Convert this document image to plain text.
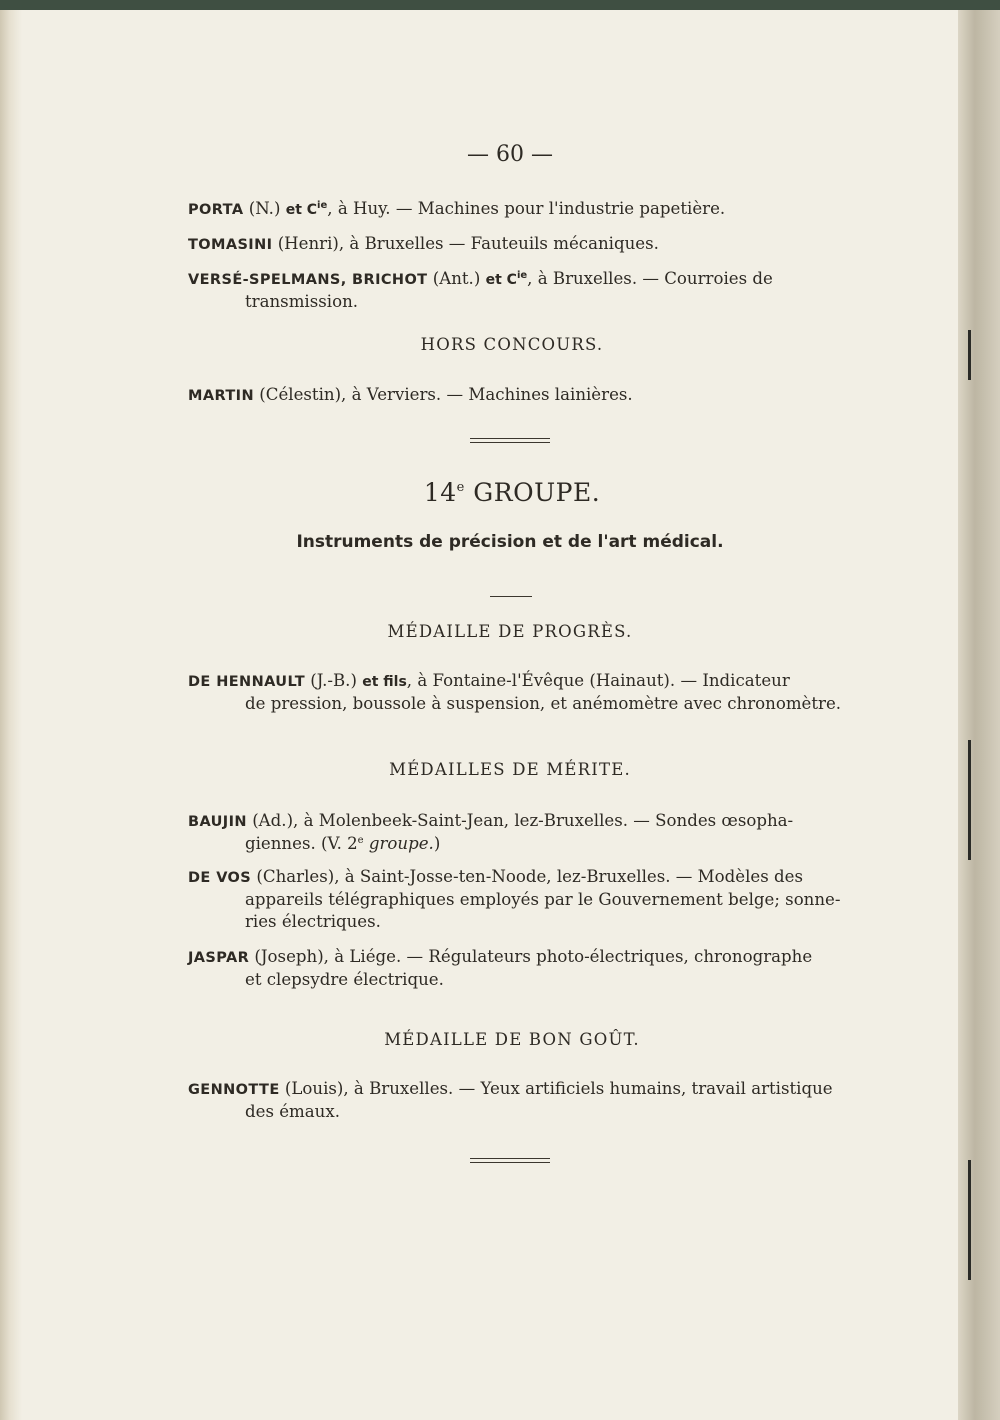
— 60 —
PORTA (N.) et $C^{ie}$, à Huy. — Machines pour l'industrie papetière.
TOMASINI (Henri), à Bruxelles — Fauteuils mécaniques.
VERSÉ-SPELMANS, BRICHOT (Ant.) et $C^{ie}$, à Bruxelles. — Courroies de
transmission.
HORS CONCOURS.
MARTIN (Célestin), à Verviers. — Machines lainières.
14e GROUPE.
Instruments de précision et de l'art médical.
MÉDAILLE DE PROGRÈS.
DE HENNAULT (J.-B.) et fils, à Fontaine-l'Évêque (Hainaut). — Indicateur
de pression, boussole à suspension, et anémomètre avec chronomètre.
MÉDAILLES DE MÉRITE.
BAUJIN (Ad.), à Molenbeek-Saint-Jean, lez-Bruxelles. — Sondes œsopha-
giennes. (V. 2e groupe.)
DE VOS (Charles), à Saint-Josse-ten-Noode, lez-Bruxelles. — Modèles des
appareils télégraphiques employés par le Gouvernement belge; sonne-
ries électriques.
JASPAR (Joseph), à Liége. — Régulateurs photo-électriques, chronographe
et clepsydre électrique.
MÉDAILLE DE BON GOÛT.
GENNOTTE (Louis), à Bruxelles. — Yeux artificiels humains, travail artistique
des émaux.
